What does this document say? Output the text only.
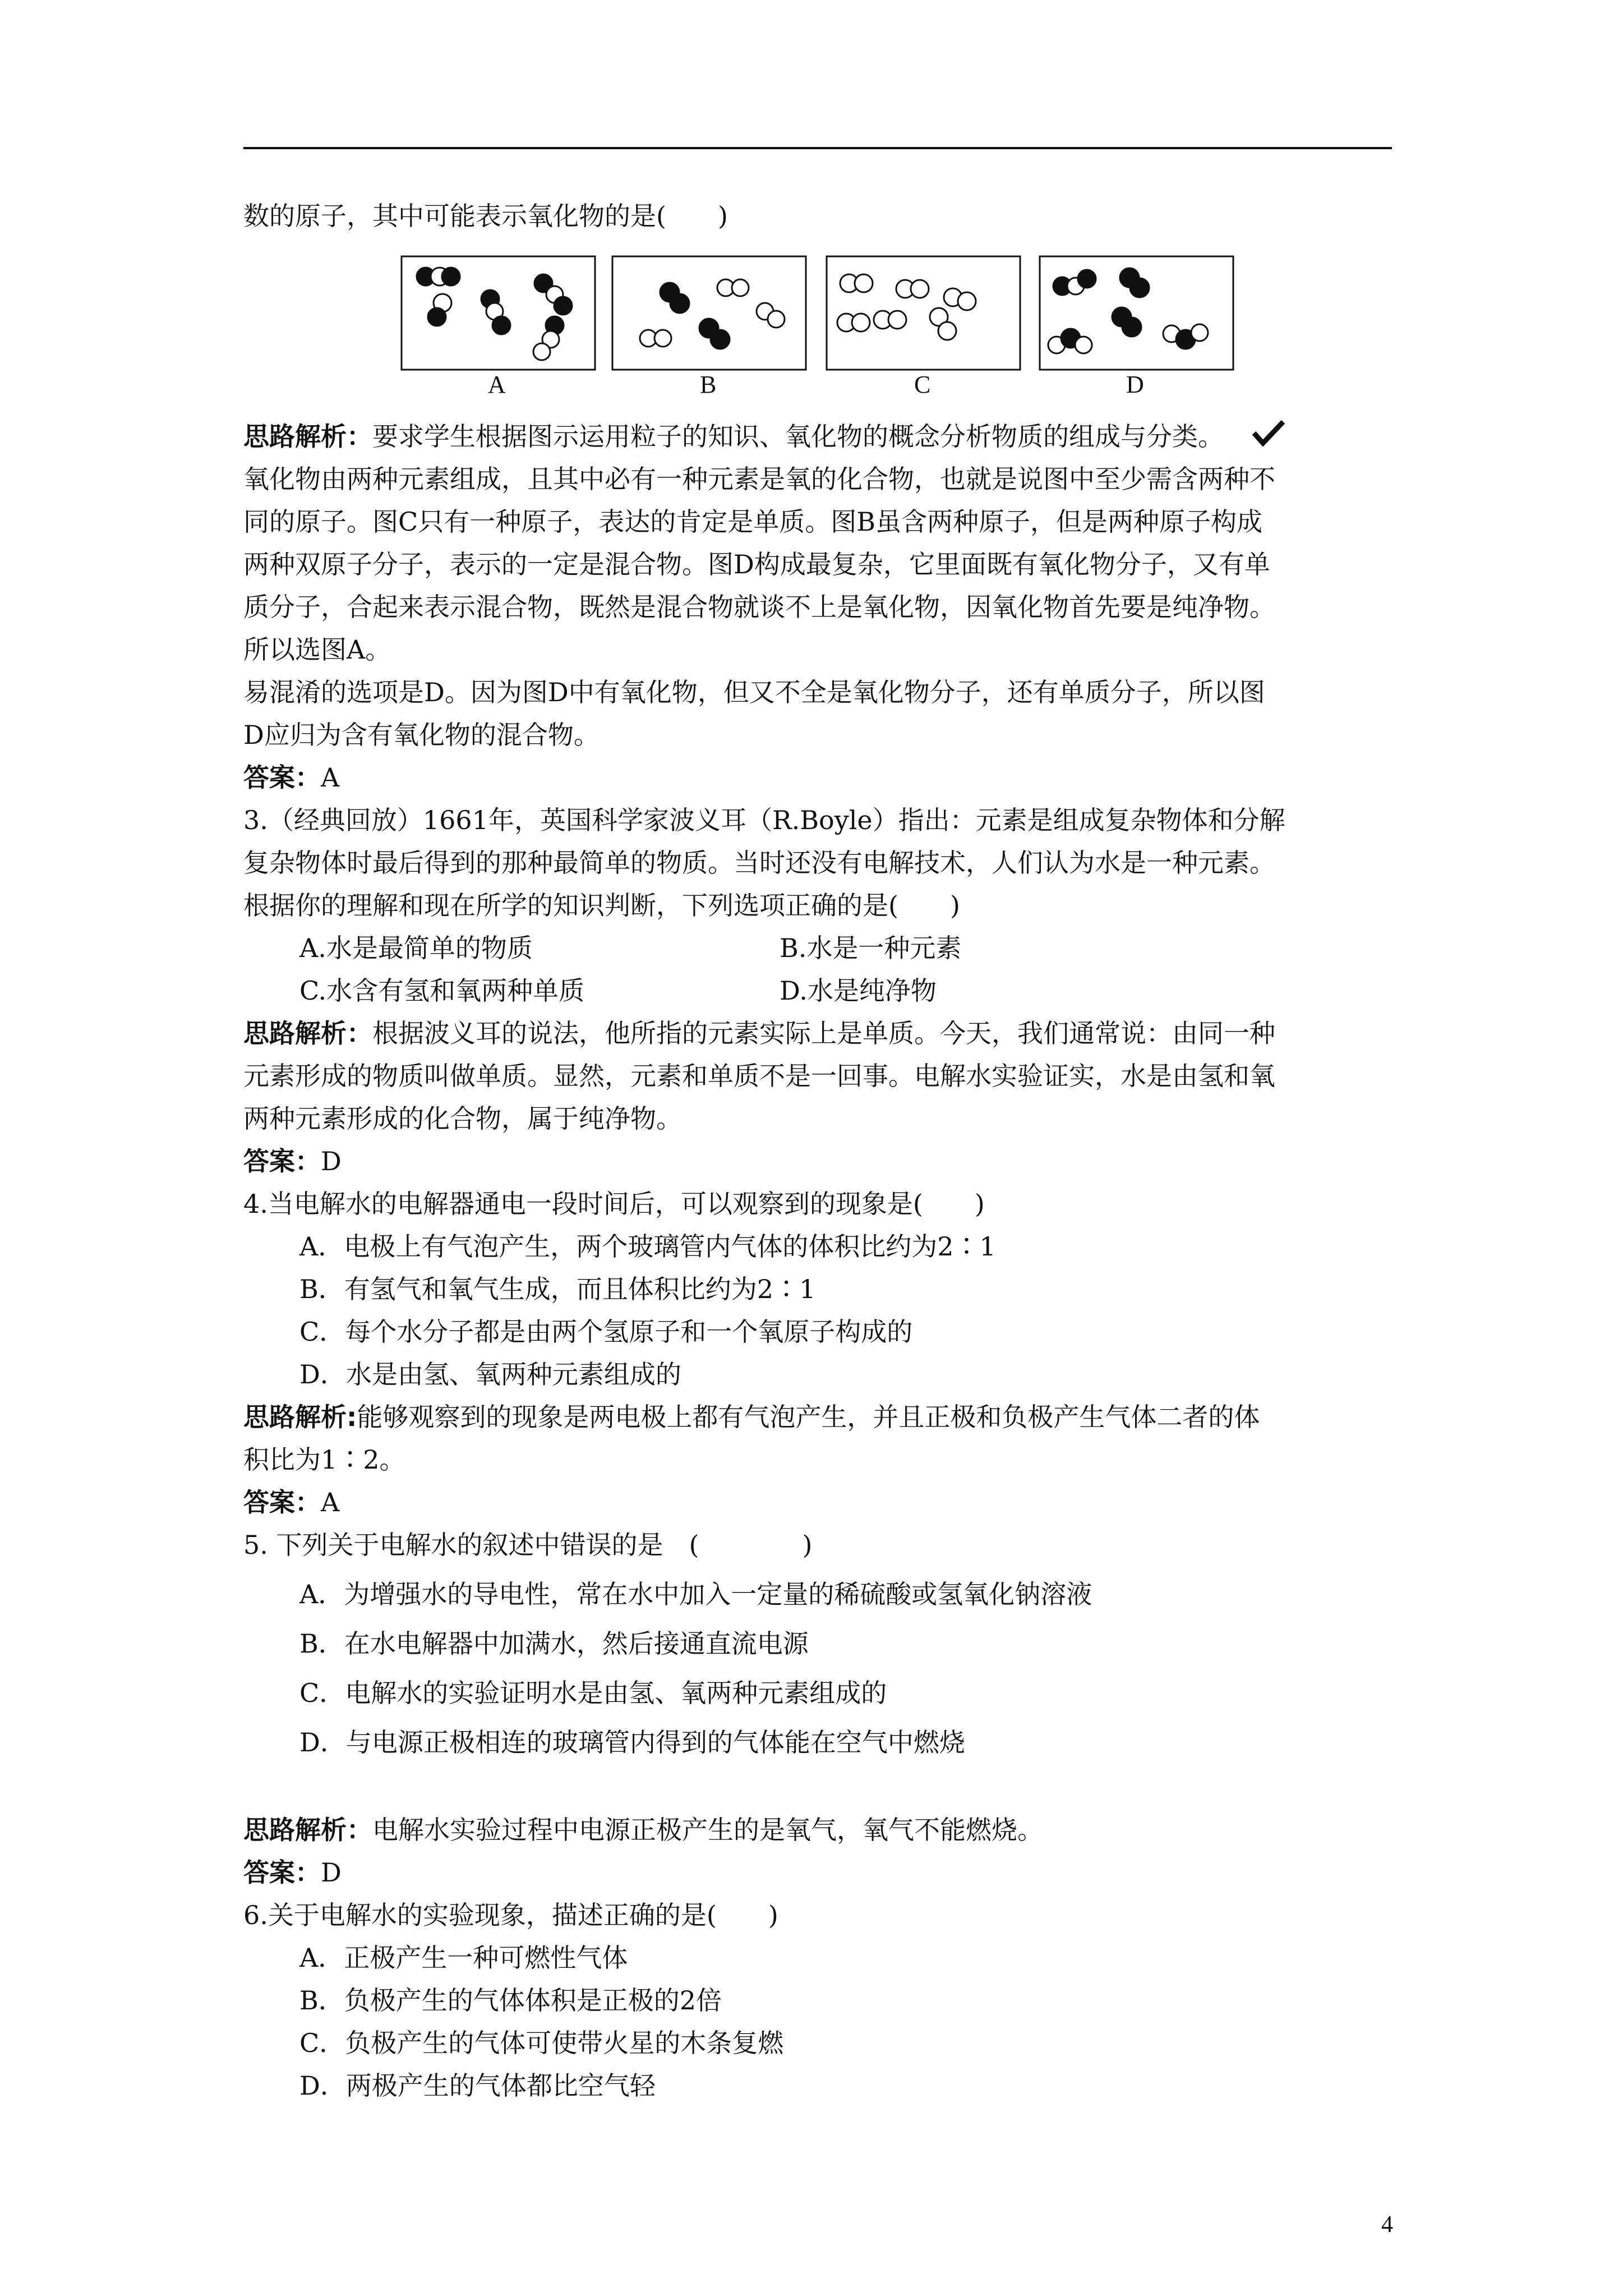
数的原子，其中可能表示氧化物的是(　　)
A	B	C	D
思路解析：要求学生根据图示运用粒子的知识、氧化物的概念分析物质的组成与分类。
氧化物由两种元素组成，且其中必有一种元素是氧的化合物，也就是说图中至少需含两种不
同的原子。图C只有一种原子，表达的肯定是单质。图B虽含两种原子，但是两种原子构成
两种双原子分子，表示的一定是混合物。图D构成最复杂，它里面既有氧化物分子，又有单
质分子，合起来表示混合物，既然是混合物就谈不上是氧化物，因氧化物首先要是纯净物。
所以选图A。
易混淆的选项是D。因为图D中有氧化物，但又不全是氧化物分子，还有单质分子，所以图
D应归为含有氧化物的混合物。
答案：A
3.（经典回放）1661年，英国科学家波义耳（R.Boyle）指出：元素是组成复杂物体和分解
复杂物体时最后得到的那种最简单的物质。当时还没有电解技术，人们认为水是一种元素。
根据你的理解和现在所学的知识判断，下列选项正确的是(　　)
A.水是最简单的物质	B.水是一种元素
C.水含有氢和氧两种单质	D.水是纯净物
思路解析：根据波义耳的说法，他所指的元素实际上是单质。今天，我们通常说：由同一种
元素形成的物质叫做单质。显然，元素和单质不是一回事。电解水实验证实，水是由氢和氧
两种元素形成的化合物，属于纯净物。
答案：D
4.当电解水的电解器通电一段时间后，可以观察到的现象是(　　)
A．电极上有气泡产生，两个玻璃管内气体的体积比约为2∶1
B．有氢气和氧气生成，而且体积比约为2∶1
C．每个水分子都是由两个氢原子和一个氧原子构成的
D．水是由氢、氧两种元素组成的
思路解析:能够观察到的现象是两电极上都有气泡产生，并且正极和负极产生气体二者的体
积比为1∶2。
答案：A
5. 下列关于电解水的叙述中错误的是　(　　　　)
A．为增强水的导电性，常在水中加入一定量的稀硫酸或氢氧化钠溶液
B．在水电解器中加满水，然后接通直流电源
C．电解水的实验证明水是由氢、氧两种元素组成的
D．与电源正极相连的玻璃管内得到的气体能在空气中燃烧
思路解析：电解水实验过程中电源正极产生的是氧气，氧气不能燃烧。
答案：D
6.关于电解水的实验现象，描述正确的是(　　)
A．正极产生一种可燃性气体
B．负极产生的气体体积是正极的2倍
C．负极产生的气体可使带火星的木条复燃
D．两极产生的气体都比空气轻
4
